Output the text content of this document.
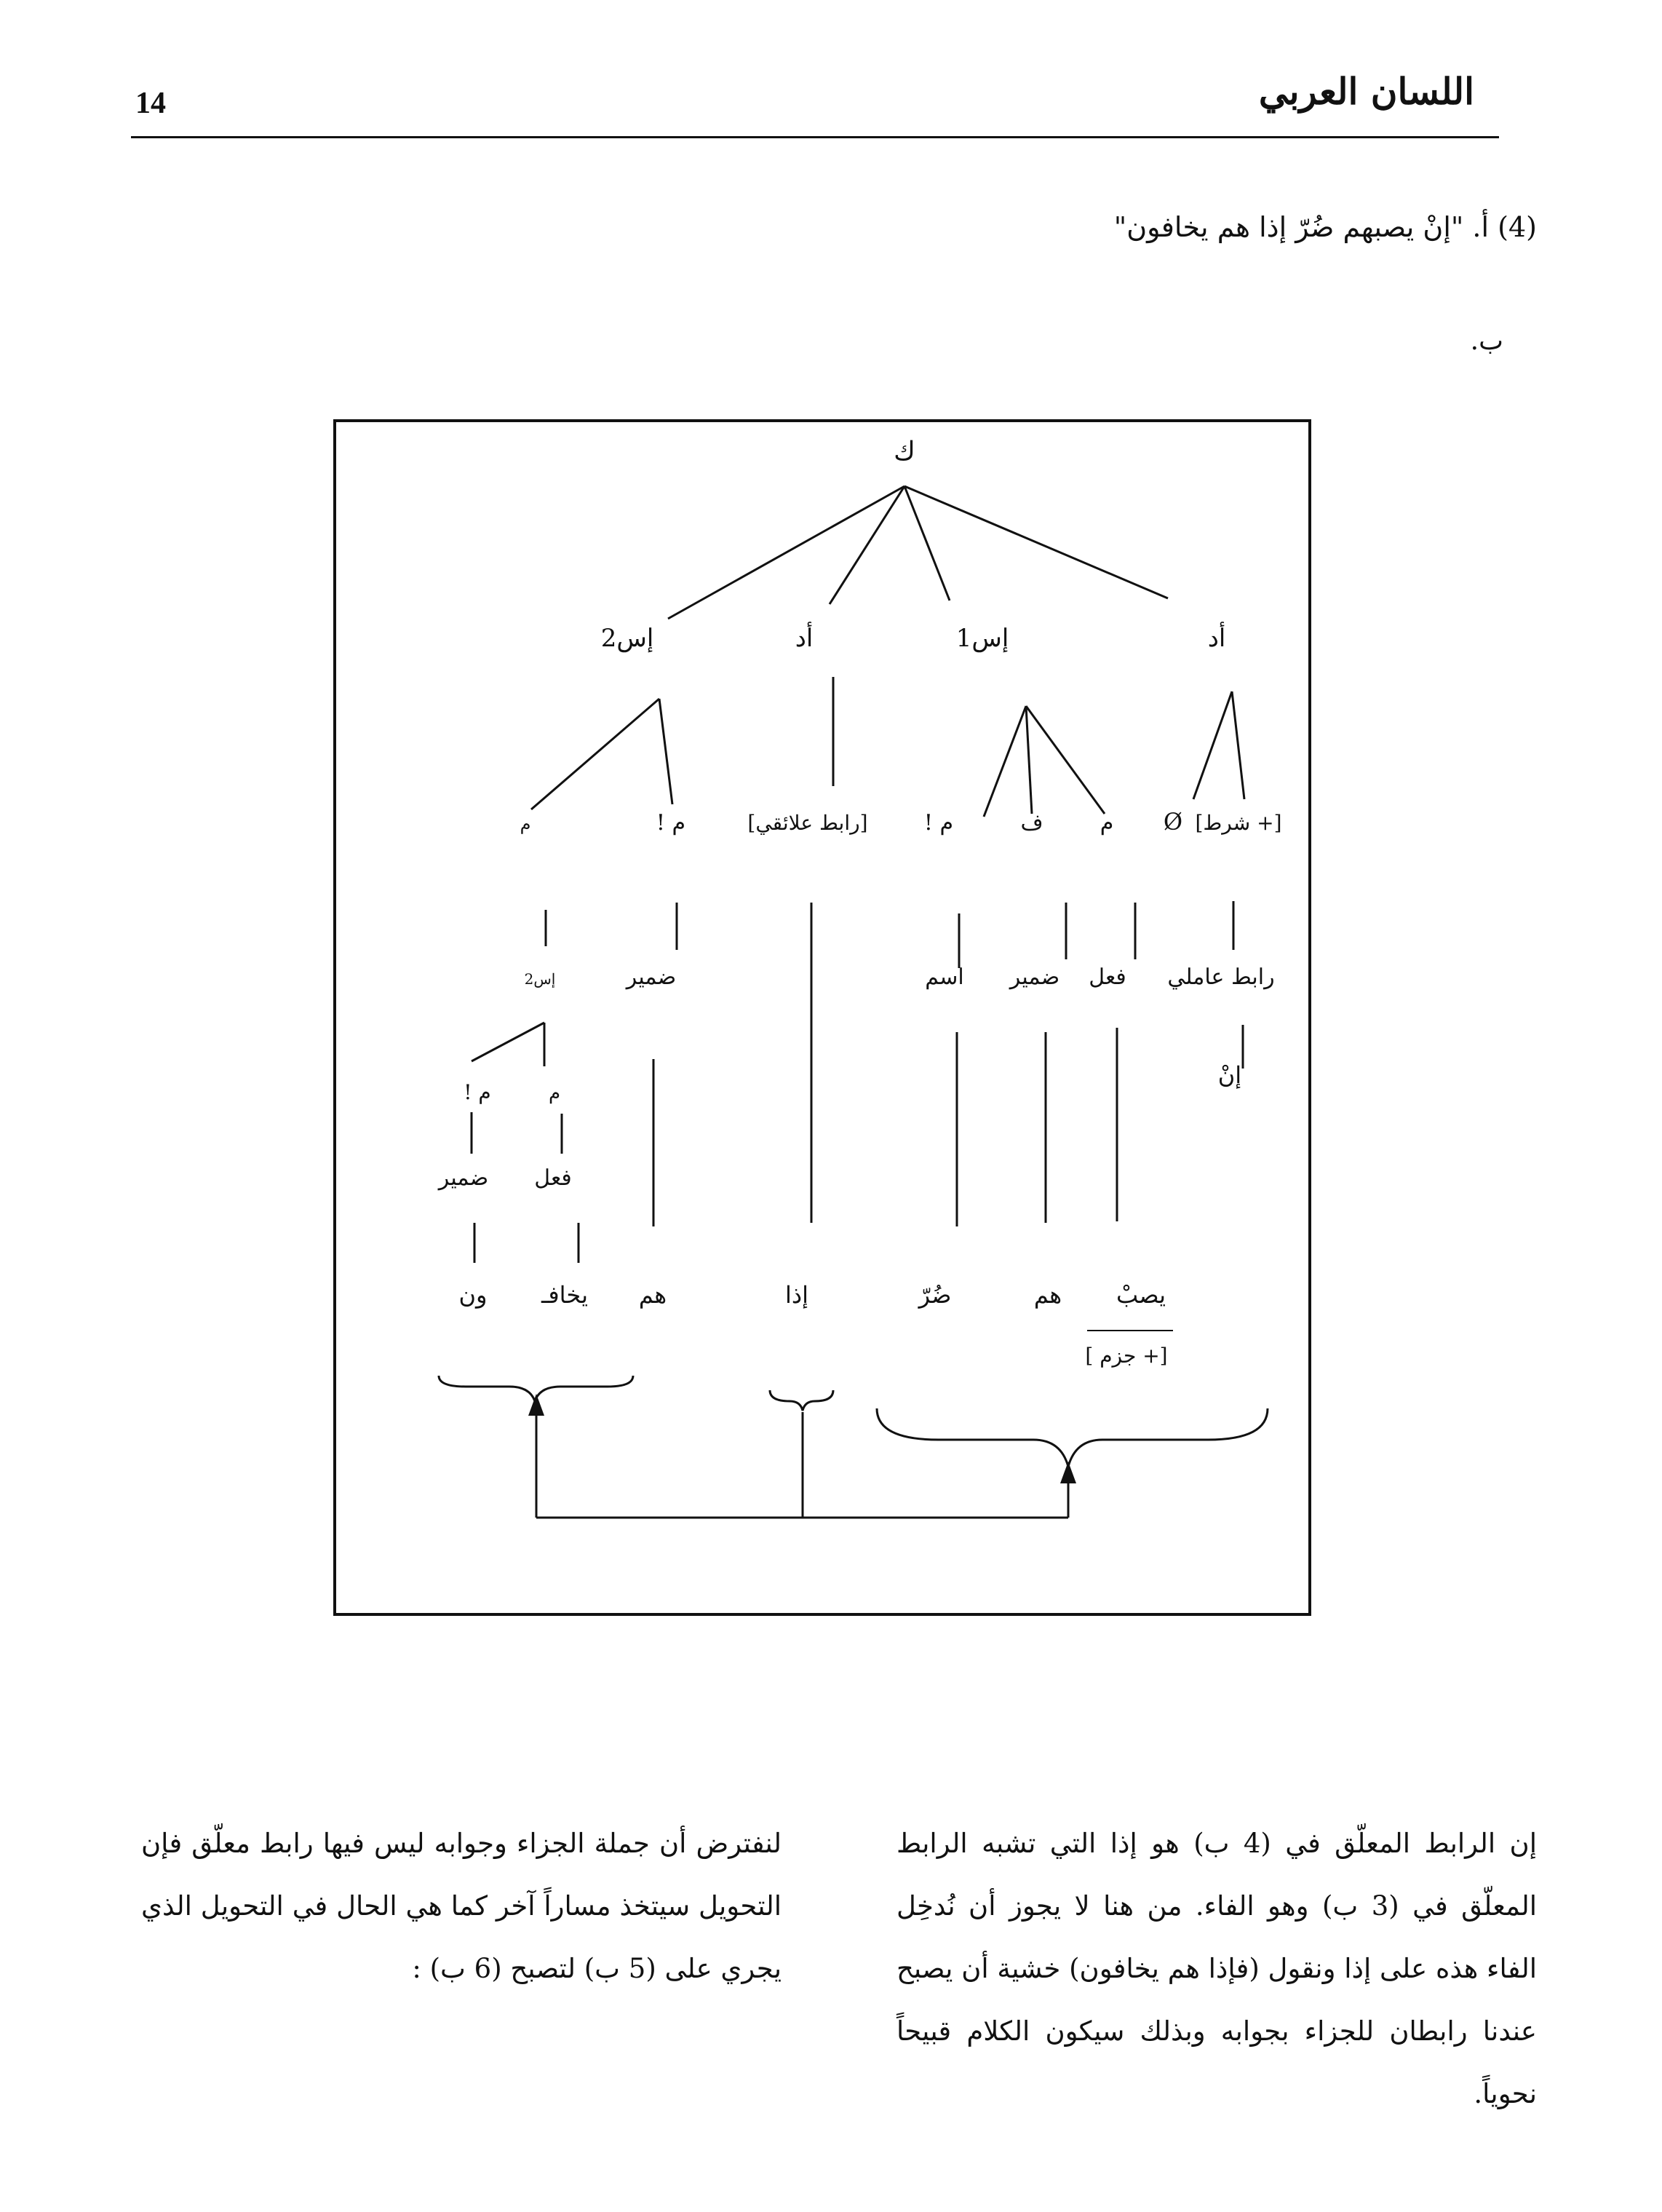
14	اللسان العربي
(4) أ. "إنْ يصبهم ضُرّ إذا هم يخافون"
ب.
ك
أد
إس1
أد
إس2
[+ شرط]
Ø
م
ف
م !
[رابط علائقي]
م !
م
رابط عاملي
فعل
ضمير
اسم
ضمير
إس2
إنْ
م
م !
فعل
ضمير
يصبْ
هم
ضُرّ
إذا
هم
يخافـ
ون
[+ جزم ]

إن الرابط المعلّق في (4 ب) هو إذا التي تشبه الرابط المعلّق في (3 ب) وهو الفاء. من هنا لا يجوز أن نُدخِل الفاء هذه على إذا ونقول (فإذا هم يخافون) خشية أن يصبح عندنا رابطان للجزاء بجوابه وبذلك سيكون الكلام قبيحاً نحوياً.

لنفترض أن جملة الجزاء وجوابه ليس فيها رابط معلّق فإن التحويل سيتخذ مساراً آخر كما هي الحال في التحويل الذي يجري على (5 ب) لتصبح (6 ب) :
